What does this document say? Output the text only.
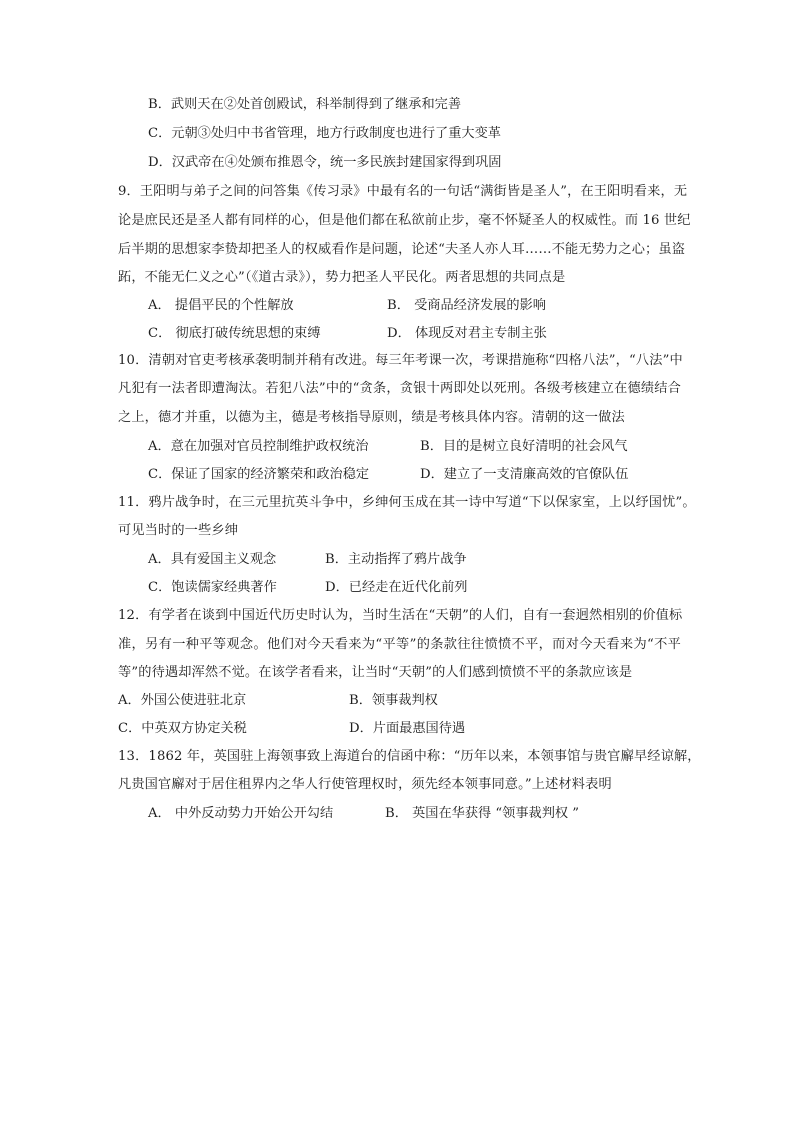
B．武则天在②处首创殿试，科举制得到了继承和完善
C．元朝③处归中书省管理，地方行政制度也进行了重大变革
D．汉武帝在④处颁布推恩令，统一多民族封建国家得到巩固
9．王阳明与弟子之间的问答集《传习录》中最有名的一句话“满街皆是圣人”，在王阳明看来，无
论是庶民还是圣人都有同样的心，但是他们都在私欲前止步，毫不怀疑圣人的权威性。而 16 世纪
后半期的思想家李贽却把圣人的权威看作是问题，论述“夫圣人亦人耳……不能无势力之心；虽盗
跖，不能无仁义之心”（《道古录》），势力把圣人平民化。两者思想的共同点是
A． 提倡平民的个性解放	B． 受商品经济发展的影响
C． 彻底打破传统思想的束缚	D． 体现反对君主专制主张
10．清朝对官吏考核承袭明制并稍有改进。每三年考课一次，考课措施称“四格八法”，“八法”中
凡犯有一法者即遭淘汰。若犯八法”中的“贪条，贪银十两即处以死刑。各级考核建立在德绩结合
之上，德才并重，以德为主，德是考核指导原则，绩是考核具体内容。清朝的这一做法
A．意在加强对官员控制维护政权统治	B．目的是树立良好清明的社会风气
C．保证了国家的经济繁荣和政治稳定	D．建立了一支清廉高效的官僚队伍
11．鸦片战争时，在三元里抗英斗争中，乡绅何玉成在其一诗中写道“下以保家室，上以纾国忧”。
可见当时的一些乡绅
A．具有爱国主义观念	B．主动指挥了鸦片战争
C．饱读儒家经典著作	D．已经走在近代化前列
12．有学者在谈到中国近代历史时认为，当时生活在“天朝”的人们，自有一套迥然相别的价值标
准，另有一种平等观念。他们对今天看来为“平等”的条款往往愤愤不平，而对今天看来为“不平
等”的待遇却浑然不觉。在该学者看来，让当时“天朝”的人们感到愤愤不平的条款应该是
A．外国公使进驻北京	B．领事裁判权
C．中英双方协定关税	D．片面最惠国待遇
13．1862 年，英国驻上海领事致上海道台的信函中称：“历年以来，本领事馆与贵官廨早经谅解，
凡贵国官廨对于居住租界内之华人行使管理权时，须先经本领事同意。”上述材料表明
A． 中外反动势力开始公开勾结	B． 英国在华获得 “领事裁判权 ”
